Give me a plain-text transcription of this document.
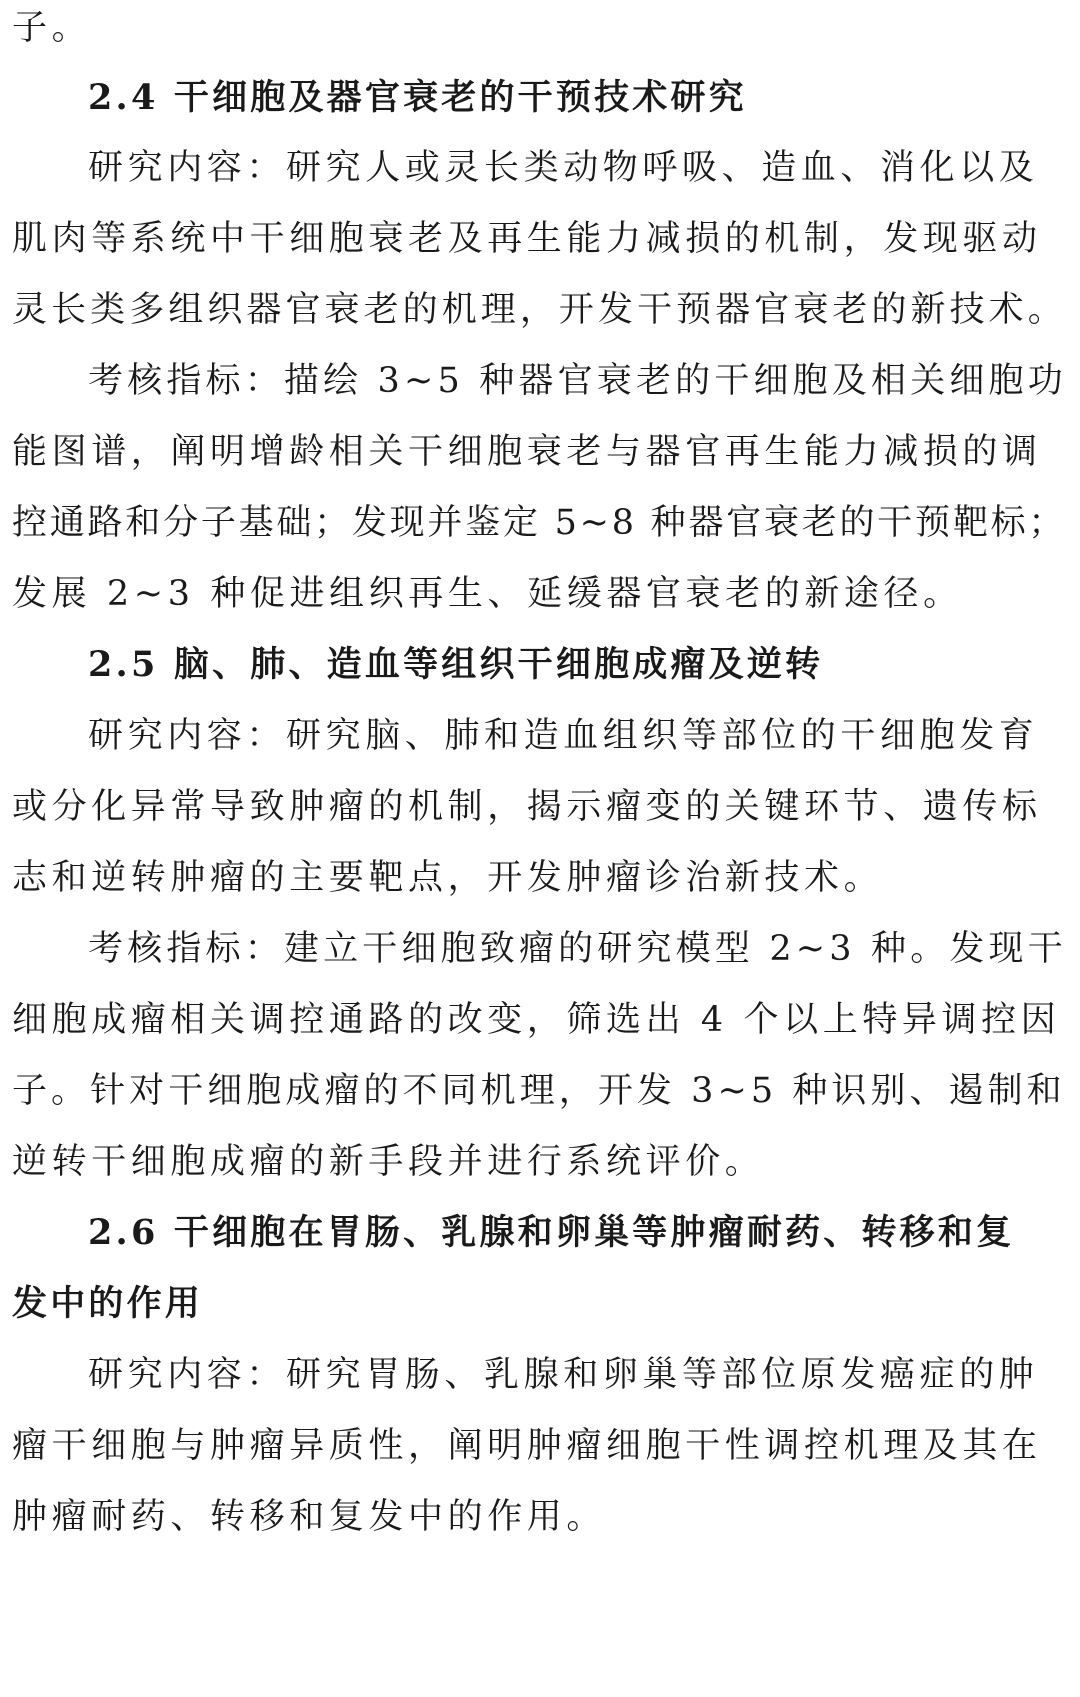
子。
2.4 干细胞及器官衰老的干预技术研究
研究内容：研究人或灵长类动物呼吸、造血、消化以及
肌肉等系统中干细胞衰老及再生能力减损的机制，发现驱动
灵长类多组织器官衰老的机理，开发干预器官衰老的新技术。
考核指标：描绘 3~5 种器官衰老的干细胞及相关细胞功
能图谱，阐明增龄相关干细胞衰老与器官再生能力减损的调
控通路和分子基础；发现并鉴定 5~8 种器官衰老的干预靶标；
发展 2~3 种促进组织再生、延缓器官衰老的新途径。
2.5 脑、肺、造血等组织干细胞成瘤及逆转
研究内容：研究脑、肺和造血组织等部位的干细胞发育
或分化异常导致肿瘤的机制，揭示瘤变的关键环节、遗传标
志和逆转肿瘤的主要靶点，开发肿瘤诊治新技术。
考核指标：建立干细胞致瘤的研究模型 2~3 种。发现干
细胞成瘤相关调控通路的改变，筛选出 4 个以上特异调控因
子。针对干细胞成瘤的不同机理，开发 3~5 种识别、遏制和
逆转干细胞成瘤的新手段并进行系统评价。
2.6 干细胞在胃肠、乳腺和卵巢等肿瘤耐药、转移和复
发中的作用
研究内容：研究胃肠、乳腺和卵巢等部位原发癌症的肿
瘤干细胞与肿瘤异质性，阐明肿瘤细胞干性调控机理及其在
肿瘤耐药、转移和复发中的作用。
